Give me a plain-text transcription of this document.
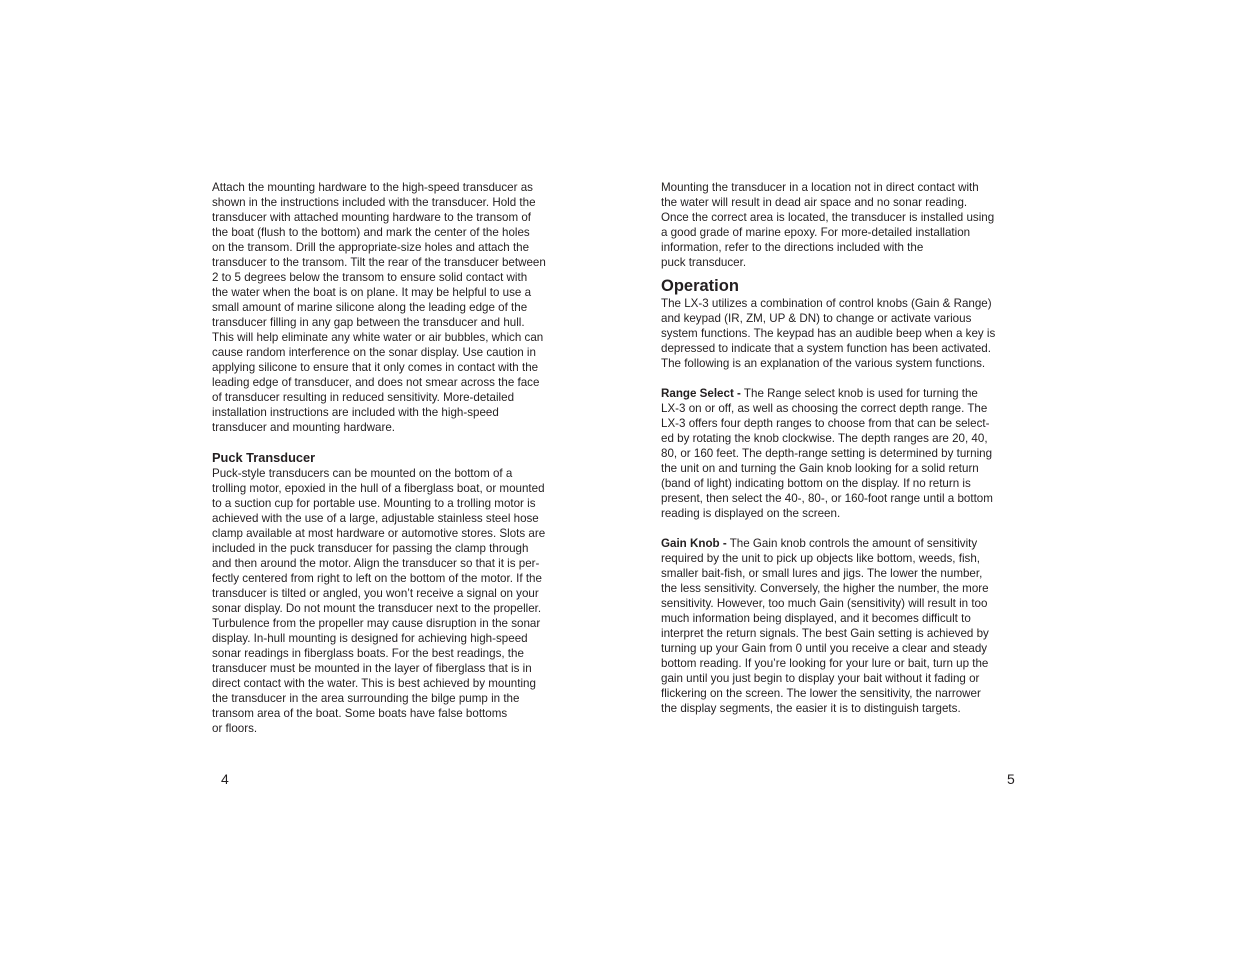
Attach the mounting hardware to the high-speed transducer as
shown in the instructions included with the transducer. Hold the
transducer with attached mounting hardware to the transom of
the boat (flush to the bottom) and mark the center of the holes
on the transom. Drill the appropriate-size holes and attach the
transducer to the transom. Tilt the rear of the transducer between
2 to 5 degrees below the transom to ensure solid contact with
the water when the boat is on plane. It may be helpful to use a
small amount of marine silicone along the leading edge of the
transducer filling in any gap between the transducer and hull.
This will help eliminate any white water or air bubbles, which can
cause random interference on the sonar display. Use caution in
applying silicone to ensure that it only comes in contact with the
leading edge of transducer, and does not smear across the face
of transducer resulting in reduced sensitivity. More-detailed
installation instructions are included with the high-speed
transducer and mounting hardware.

Puck Transducer

Puck-style transducers can be mounted on the bottom of a
trolling motor, epoxied in the hull of a fiberglass boat, or mounted
to a suction cup for portable use. Mounting to a trolling motor is
achieved with the use of a large, adjustable stainless steel hose
clamp available at most hardware or automotive stores. Slots are
included in the puck transducer for passing the clamp through
and then around the motor. Align the transducer so that it is per-
fectly centered from right to left on the bottom of the motor. If the
transducer is tilted or angled, you won’t receive a signal on your
sonar display. Do not mount the transducer next to the propeller.
Turbulence from the propeller may cause disruption in the sonar
display. In-hull mounting is designed for achieving high-speed
sonar readings in fiberglass boats. For the best readings, the
transducer must be mounted in the layer of fiberglass that is in
direct contact with the water. This is best achieved by mounting
the transducer in the area surrounding the bilge pump in the
transom area of the boat. Some boats have false bottoms
or floors.

4

Mounting the transducer in a location not in direct contact with
the water will result in dead air space and no sonar reading.
Once the correct area is located, the transducer is installed using
a good grade of marine epoxy. For more-detailed installation
information, refer to the directions included with the
puck transducer.

Operation

The LX-3 utilizes a combination of control knobs (Gain & Range)
and keypad (IR, ZM, UP & DN) to change or activate various
system functions. The keypad has an audible beep when a key is
depressed to indicate that a system function has been activated.
The following is an explanation of the various system functions.

Range Select - The Range select knob is used for turning the
LX-3 on or off, as well as choosing the correct depth range. The
LX-3 offers four depth ranges to choose from that can be select-
ed by rotating the knob clockwise. The depth ranges are 20, 40,
80, or 160 feet. The depth-range setting is determined by turning
the unit on and turning the Gain knob looking for a solid return
(band of light) indicating bottom on the display. If no return is
present, then select the 40-, 80-, or 160-foot range until a bottom
reading is displayed on the screen.

Gain Knob - The Gain knob controls the amount of sensitivity
required by the unit to pick up objects like bottom, weeds, fish,
smaller bait-fish, or small lures and jigs. The lower the number,
the less sensitivity. Conversely, the higher the number, the more
sensitivity. However, too much Gain (sensitivity) will result in too
much information being displayed, and it becomes difficult to
interpret the return signals. The best Gain setting is achieved by
turning up your Gain from 0 until you receive a clear and steady
bottom reading. If you’re looking for your lure or bait, turn up the
gain until you just begin to display your bait without it fading or
flickering on the screen. The lower the sensitivity, the narrower
the display segments, the easier it is to distinguish targets.

5
